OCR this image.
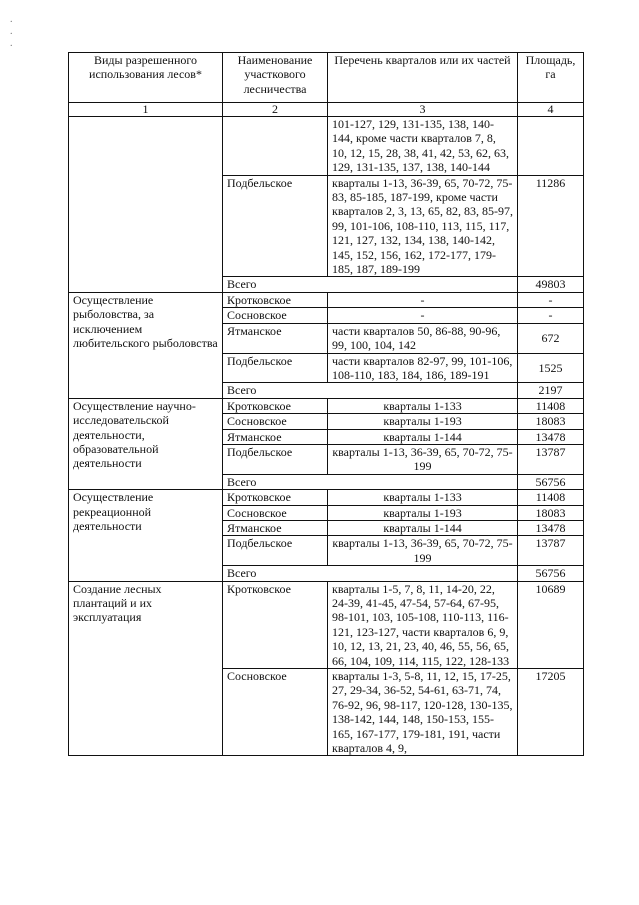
.
.
.
Виды разрешенного использования лесов*	Наименование участкового лесничества	Перечень кварталов или их частей	Площадь, га
1	2	3	4
		101-127, 129, 131-135, 138, 140-144, кроме части кварталов 7, 8, 10, 12, 15, 28, 38, 41, 42, 53, 62, 63, 129, 131-135, 137, 138, 140-144	
	Подбельское	кварталы 1-13, 36-39, 65, 70-72, 75-83, 85-185, 187-199, кроме части кварталов 2, 3, 13, 65, 82, 83, 85-97, 99, 101-106, 108-110, 113, 115, 117, 121, 127, 132, 134, 138, 140-142, 145, 152, 156, 162, 172-177, 179-185, 187, 189-199	11286
	Всего		49803
Осуществление рыболовства, за исключением любительского рыболовства	Кротковское	-	-
	Сосновское	-	-
	Ятманское	части кварталов 50, 86-88, 90-96, 99, 100, 104, 142	672
	Подбельское	части кварталов 82-97, 99, 101-106, 108-110, 183, 184, 186, 189-191	1525
	Всего		2197
Осуществление научно-исследовательской деятельности, образовательной деятельности	Кротковское	кварталы 1-133	11408
	Сосновское	кварталы 1-193	18083
	Ятманское	кварталы 1-144	13478
	Подбельское	кварталы 1-13, 36-39, 65, 70-72, 75-199	13787
	Всего		56756
Осуществление рекреационной деятельности	Кротковское	кварталы 1-133	11408
	Сосновское	кварталы 1-193	18083
	Ятманское	кварталы 1-144	13478
	Подбельское	кварталы 1-13, 36-39, 65, 70-72, 75-199	13787
	Всего		56756
Создание лесных плантаций и их эксплуатация	Кротковское	кварталы 1-5, 7, 8, 11, 14-20, 22, 24-39, 41-45, 47-54, 57-64, 67-95, 98-101, 103, 105-108, 110-113, 116-121, 123-127, части кварталов 6, 9, 10, 12, 13, 21, 23, 40, 46, 55, 56, 65, 66, 104, 109, 114, 115, 122, 128-133	10689
	Сосновское	кварталы 1-3, 5-8, 11, 12, 15, 17-25, 27, 29-34, 36-52, 54-61, 63-71, 74, 76-92, 96, 98-117, 120-128, 130-135, 138-142, 144, 148, 150-153, 155-165, 167-177, 179-181, 191, части кварталов 4, 9,	17205
